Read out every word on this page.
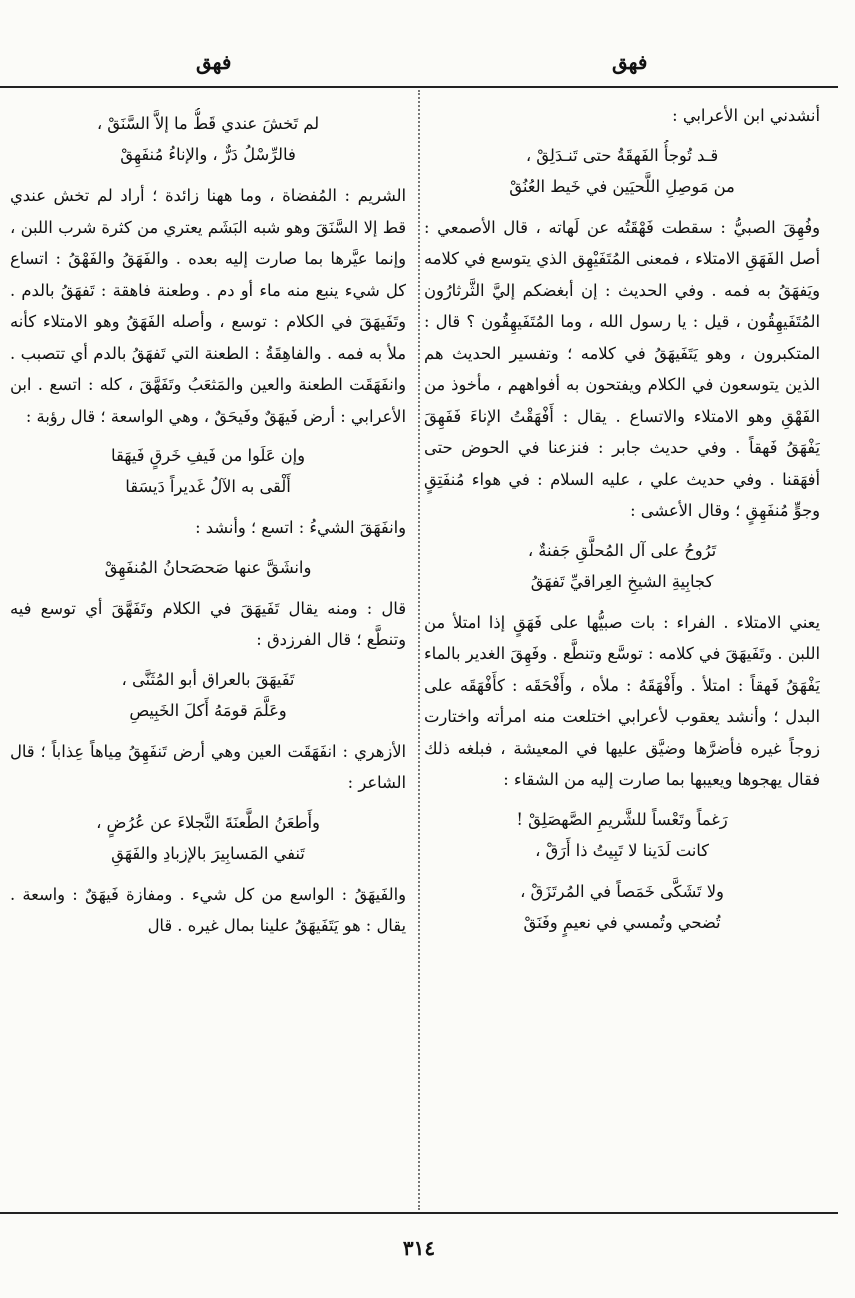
فهق
فهق

أنشدني ابن الأعرابي :

قـد تُوجأُ الفَهقَةُ حتى تَنـدَلِقْ ،
من مَوصِلِ اللَّحيَين في خَيط العُنُقْ

وفُهِقَ الصبيُّ : سقطت فَهْقَتُه عن لَهاته ، قال الأصمعي : أصل الفَهَقِ الامتلاء ، فمعنى المُتَفَيْهِق الذي يتوسع في كلامه ويَفهَقُ به فمه . وفي الحديث : إن أبغضكم إليَّ الثَّرثارُون المُتَفَيهِقُون ، قيل : يا رسول الله ، وما المُتَفَيهِقُون ؟ قال : المتكبرون ، وهو يَتَفَيهَقُ في كلامه ؛ وتفسير الحديث هم الذين يتوسعون في الكلام ويفتحون به أفواههم ، مأخوذ من الفَهْقِ وهو الامتلاء والاتساع . يقال : أَفْهَقْتُ الإناءَ فَفَهِقَ يَفْهَقُ فَهقاً . وفي حديث جابر : فنزعنا في الحوض حتى أفهَقنا . وفي حديث علي ، عليه السلام : في هواء مُنفَتِقٍ وجوٍّ مُنفَهِقٍ ؛ وقال الأعشى :

تَرُوحُ على آل المُحلَّقِ جَفنةٌ ،
كجابِيةِ الشيخِ العِراقيِّ تَفهَقُ

يعني الامتلاء . الفراء : بات صبيُّها على فَهَقٍ إذا امتلأ من اللبن . وتَفَيهَقَ في كلامه : توسَّع وتنطَّع . وفَهِقَ الغدير بالماء يَفْهَقُ فَهقاً : امتلأ . وأَفْهَقَهُ : ملأه ، وأَفْحَقَه : كأَفْهَقَه على البدل ؛ وأنشد يعقوب لأعرابي اختلعت منه امرأته واختارت زوجاً غيره فأضرَّها وضيَّق عليها في المعيشة ، فبلغه ذلك فقال يهجوها ويعيبها بما صارت إليه من الشقاء :

رَغماً وتَعْساً للشَّريمِ الصَّهصَلِقْ !
كانت لَدَينا لا تَبِيتُ ذا أَرَقْ ،
ولا تَشَكَّى خَمَصاً في المُرتَزَقْ ،
تُضحي وتُمسي في نعيمٍ وفَنَقْ
لم تَخشَ عندي قَطُّ ما إلاَّ السَّنَقْ ،
فالرِّسْلُ دَرٌّ ، والإناءُ مُنفَهِقْ

الشريم : المُفضاة ، وما ههنا زائدة ؛ أراد لم تخش عندي قط إلا السَّنَقَ وهو شبه البَشَم يعتري من كثرة شرب اللبن ، وإنما عيَّرها بما صارت إليه بعده . والفَهَقُ والفَهْقُ : اتساع كل شيء ينبع منه ماء أو دم . وطعنة فاهقة : تَفهَقُ بالدم . وتَفَيهَقَ في الكلام : توسع ، وأصله الفَهَقُ وهو الامتلاء كأنه ملأ به فمه . والفاهِقَةُ : الطعنة التي تَفهَقُ بالدم أي تتصبب . وانفَهَقَت الطعنة والعين والمَثعَبُ وتَفَهَّقَ ، كله : اتسع . ابن الأعرابي : أرض فَيهَقٌ وفَيحَقٌ ، وهي الواسعة ؛ قال رؤبة :

وإن عَلَوا من فَيفِ خَرقٍ فَيهَقا
أَلْقى به الآلُ غَديراً دَيسَقا

وانفَهَقَ الشيءُ : اتسع ؛ وأنشد :

وانشَقَّ عنها صَحصَحانُ المُنفَهِقْ

قال : ومنه يقال تَفَيهَقَ في الكلام وتَفَهَّقَ أي توسع فيه وتنطَّع ؛ قال الفرزدق :

تَفَيهَقَ بالعراق أبو المُثَنَّى ،
وعَلَّمَ قومَهُ أَكلَ الخَبِيصِ

الأزهري : انفَهَقَت العين وهي أرض تَنفَهِقُ مِياهاً عِذاباً ؛ قال الشاعر :

وأَطعَنُ الطَّعنَةَ النَّجلاءَ عن عُرُضٍ ،
تَنفي المَسابِيرَ بالإزبادِ والفَهَقِ

والفَيهَقُ : الواسع من كل شيء . ومفازة فَيهَقٌ : واسعة . يقال : هو يَتَفَيهَقُ علينا بمال غيره . قال

٣١٤
